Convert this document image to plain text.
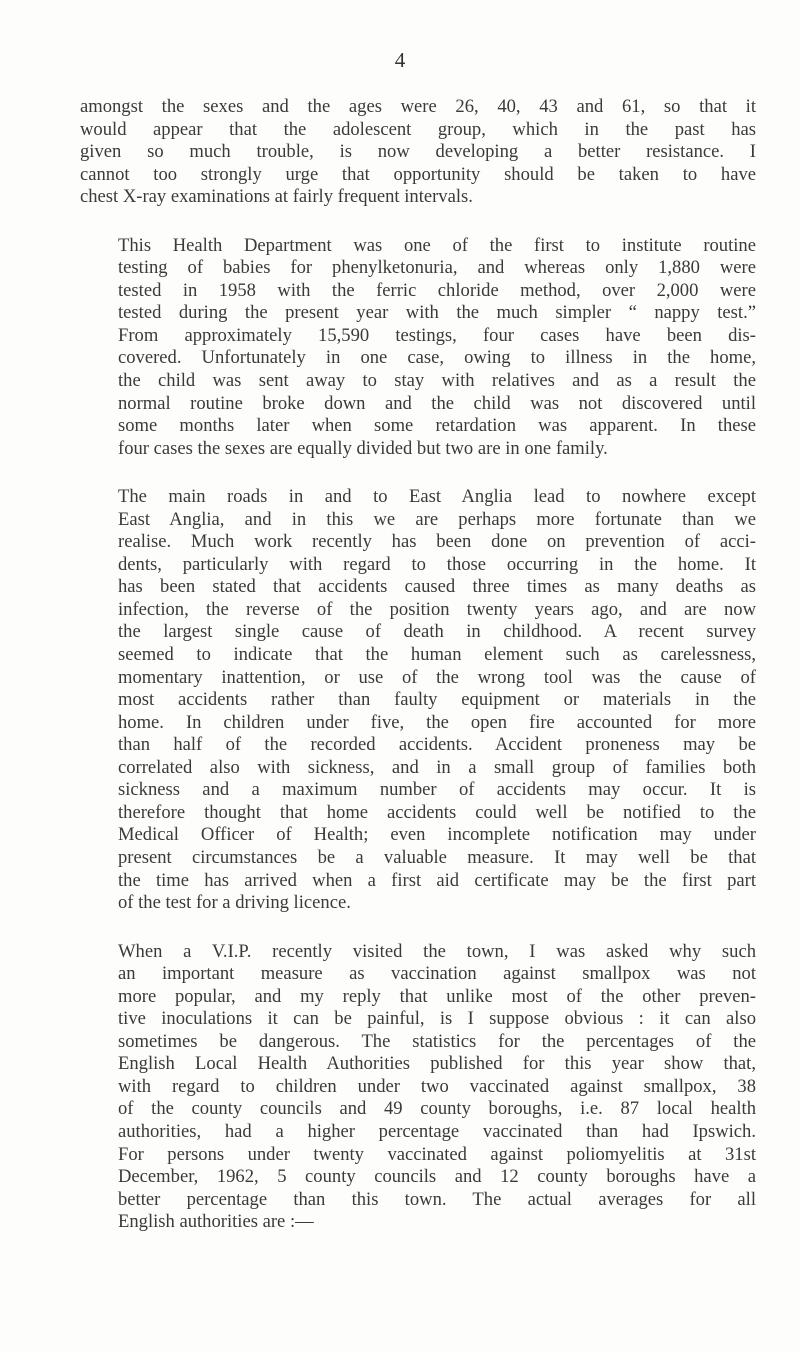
4

amongst the sexes and the ages were 26, 40, 43 and 61, so that it
would appear that the adolescent group, which in the past has
given so much trouble, is now developing a better resistance. I
cannot too strongly urge that opportunity should be taken to have
chest X-ray examinations at fairly frequent intervals.

This Health Department was one of the first to institute routine
testing of babies for phenylketonuria, and whereas only 1,880 were
tested in 1958 with the ferric chloride method, over 2,000 were
tested during the present year with the much simpler “ nappy test.”
From approximately 15,590 testings, four cases have been dis-
covered. Unfortunately in one case, owing to illness in the home,
the child was sent away to stay with relatives and as a result the
normal routine broke down and the child was not discovered until
some months later when some retardation was apparent. In these
four cases the sexes are equally divided but two are in one family.

The main roads in and to East Anglia lead to nowhere except
East Anglia, and in this we are perhaps more fortunate than we
realise. Much work recently has been done on prevention of acci-
dents, particularly with regard to those occurring in the home. It
has been stated that accidents caused three times as many deaths as
infection, the reverse of the position twenty years ago, and are now
the largest single cause of death in childhood. A recent survey
seemed to indicate that the human element such as carelessness,
momentary inattention, or use of the wrong tool was the cause of
most accidents rather than faulty equipment or materials in the
home. In children under five, the open fire accounted for more
than half of the recorded accidents. Accident proneness may be
correlated also with sickness, and in a small group of families both
sickness and a maximum number of accidents may occur. It is
therefore thought that home accidents could well be notified to the
Medical Officer of Health; even incomplete notification may under
present circumstances be a valuable measure. It may well be that
the time has arrived when a first aid certificate may be the first part
of the test for a driving licence.

When a V.I.P. recently visited the town, I was asked why such
an important measure as vaccination against smallpox was not
more popular, and my reply that unlike most of the other preven-
tive inoculations it can be painful, is I suppose obvious : it can also
sometimes be dangerous. The statistics for the percentages of the
English Local Health Authorities published for this year show that,
with regard to children under two vaccinated against smallpox, 38
of the county councils and 49 county boroughs, i.e. 87 local health
authorities, had a higher percentage vaccinated than had Ipswich.
For persons under twenty vaccinated against poliomyelitis at 31st
December, 1962, 5 county councils and 12 county boroughs have a
better percentage than this town. The actual averages for all
English authorities are :—
